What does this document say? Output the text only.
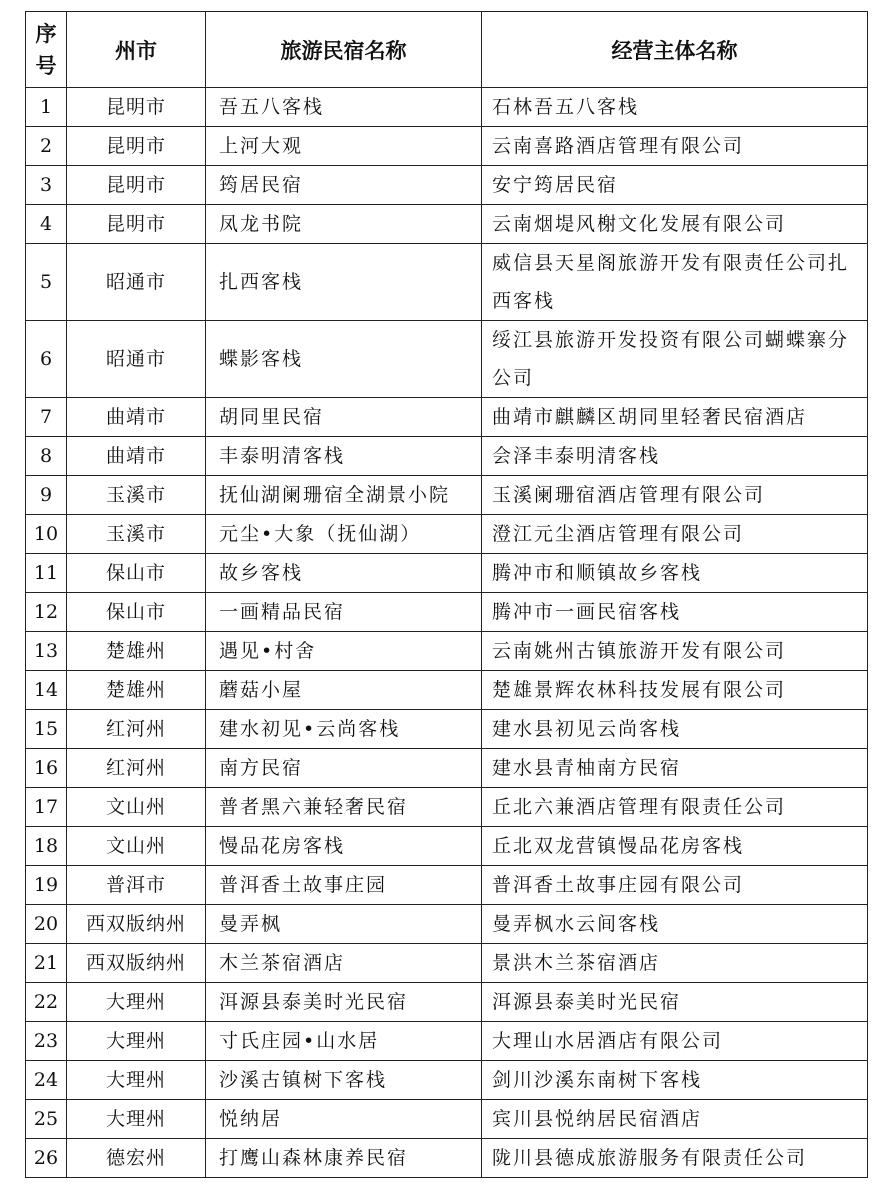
序号	州市	旅游民宿名称	经营主体名称
1	昆明市	吾五八客栈	石林吾五八客栈
2	昆明市	上河大观	云南喜路酒店管理有限公司
3	昆明市	筠居民宿	安宁筠居民宿
4	昆明市	凤龙书院	云南烟堤风榭文化发展有限公司
5	昭通市	扎西客栈	威信县天星阁旅游开发有限责任公司扎西客栈
6	昭通市	蝶影客栈	绥江县旅游开发投资有限公司蝴蝶寨分公司
7	曲靖市	胡同里民宿	曲靖市麒麟区胡同里轻奢民宿酒店
8	曲靖市	丰泰明清客栈	会泽丰泰明清客栈
9	玉溪市	抚仙湖阑珊宿全湖景小院	玉溪阑珊宿酒店管理有限公司
10	玉溪市	元尘•大象（抚仙湖）	澄江元尘酒店管理有限公司
11	保山市	故乡客栈	腾冲市和顺镇故乡客栈
12	保山市	一画精品民宿	腾冲市一画民宿客栈
13	楚雄州	遇见•村舍	云南姚州古镇旅游开发有限公司
14	楚雄州	蘑菇小屋	楚雄景辉农林科技发展有限公司
15	红河州	建水初见•云尚客栈	建水县初见云尚客栈
16	红河州	南方民宿	建水县青柚南方民宿
17	文山州	普者黑六兼轻奢民宿	丘北六兼酒店管理有限责任公司
18	文山州	慢品花房客栈	丘北双龙营镇慢品花房客栈
19	普洱市	普洱香土故事庄园	普洱香土故事庄园有限公司
20	西双版纳州	曼弄枫	曼弄枫水云间客栈
21	西双版纳州	木兰茶宿酒店	景洪木兰茶宿酒店
22	大理州	洱源县泰美时光民宿	洱源县泰美时光民宿
23	大理州	寸氏庄园•山水居	大理山水居酒店有限公司
24	大理州	沙溪古镇树下客栈	剑川沙溪东南树下客栈
25	大理州	悦纳居	宾川县悦纳居民宿酒店
26	德宏州	打鹰山森林康养民宿	陇川县德成旅游服务有限责任公司
